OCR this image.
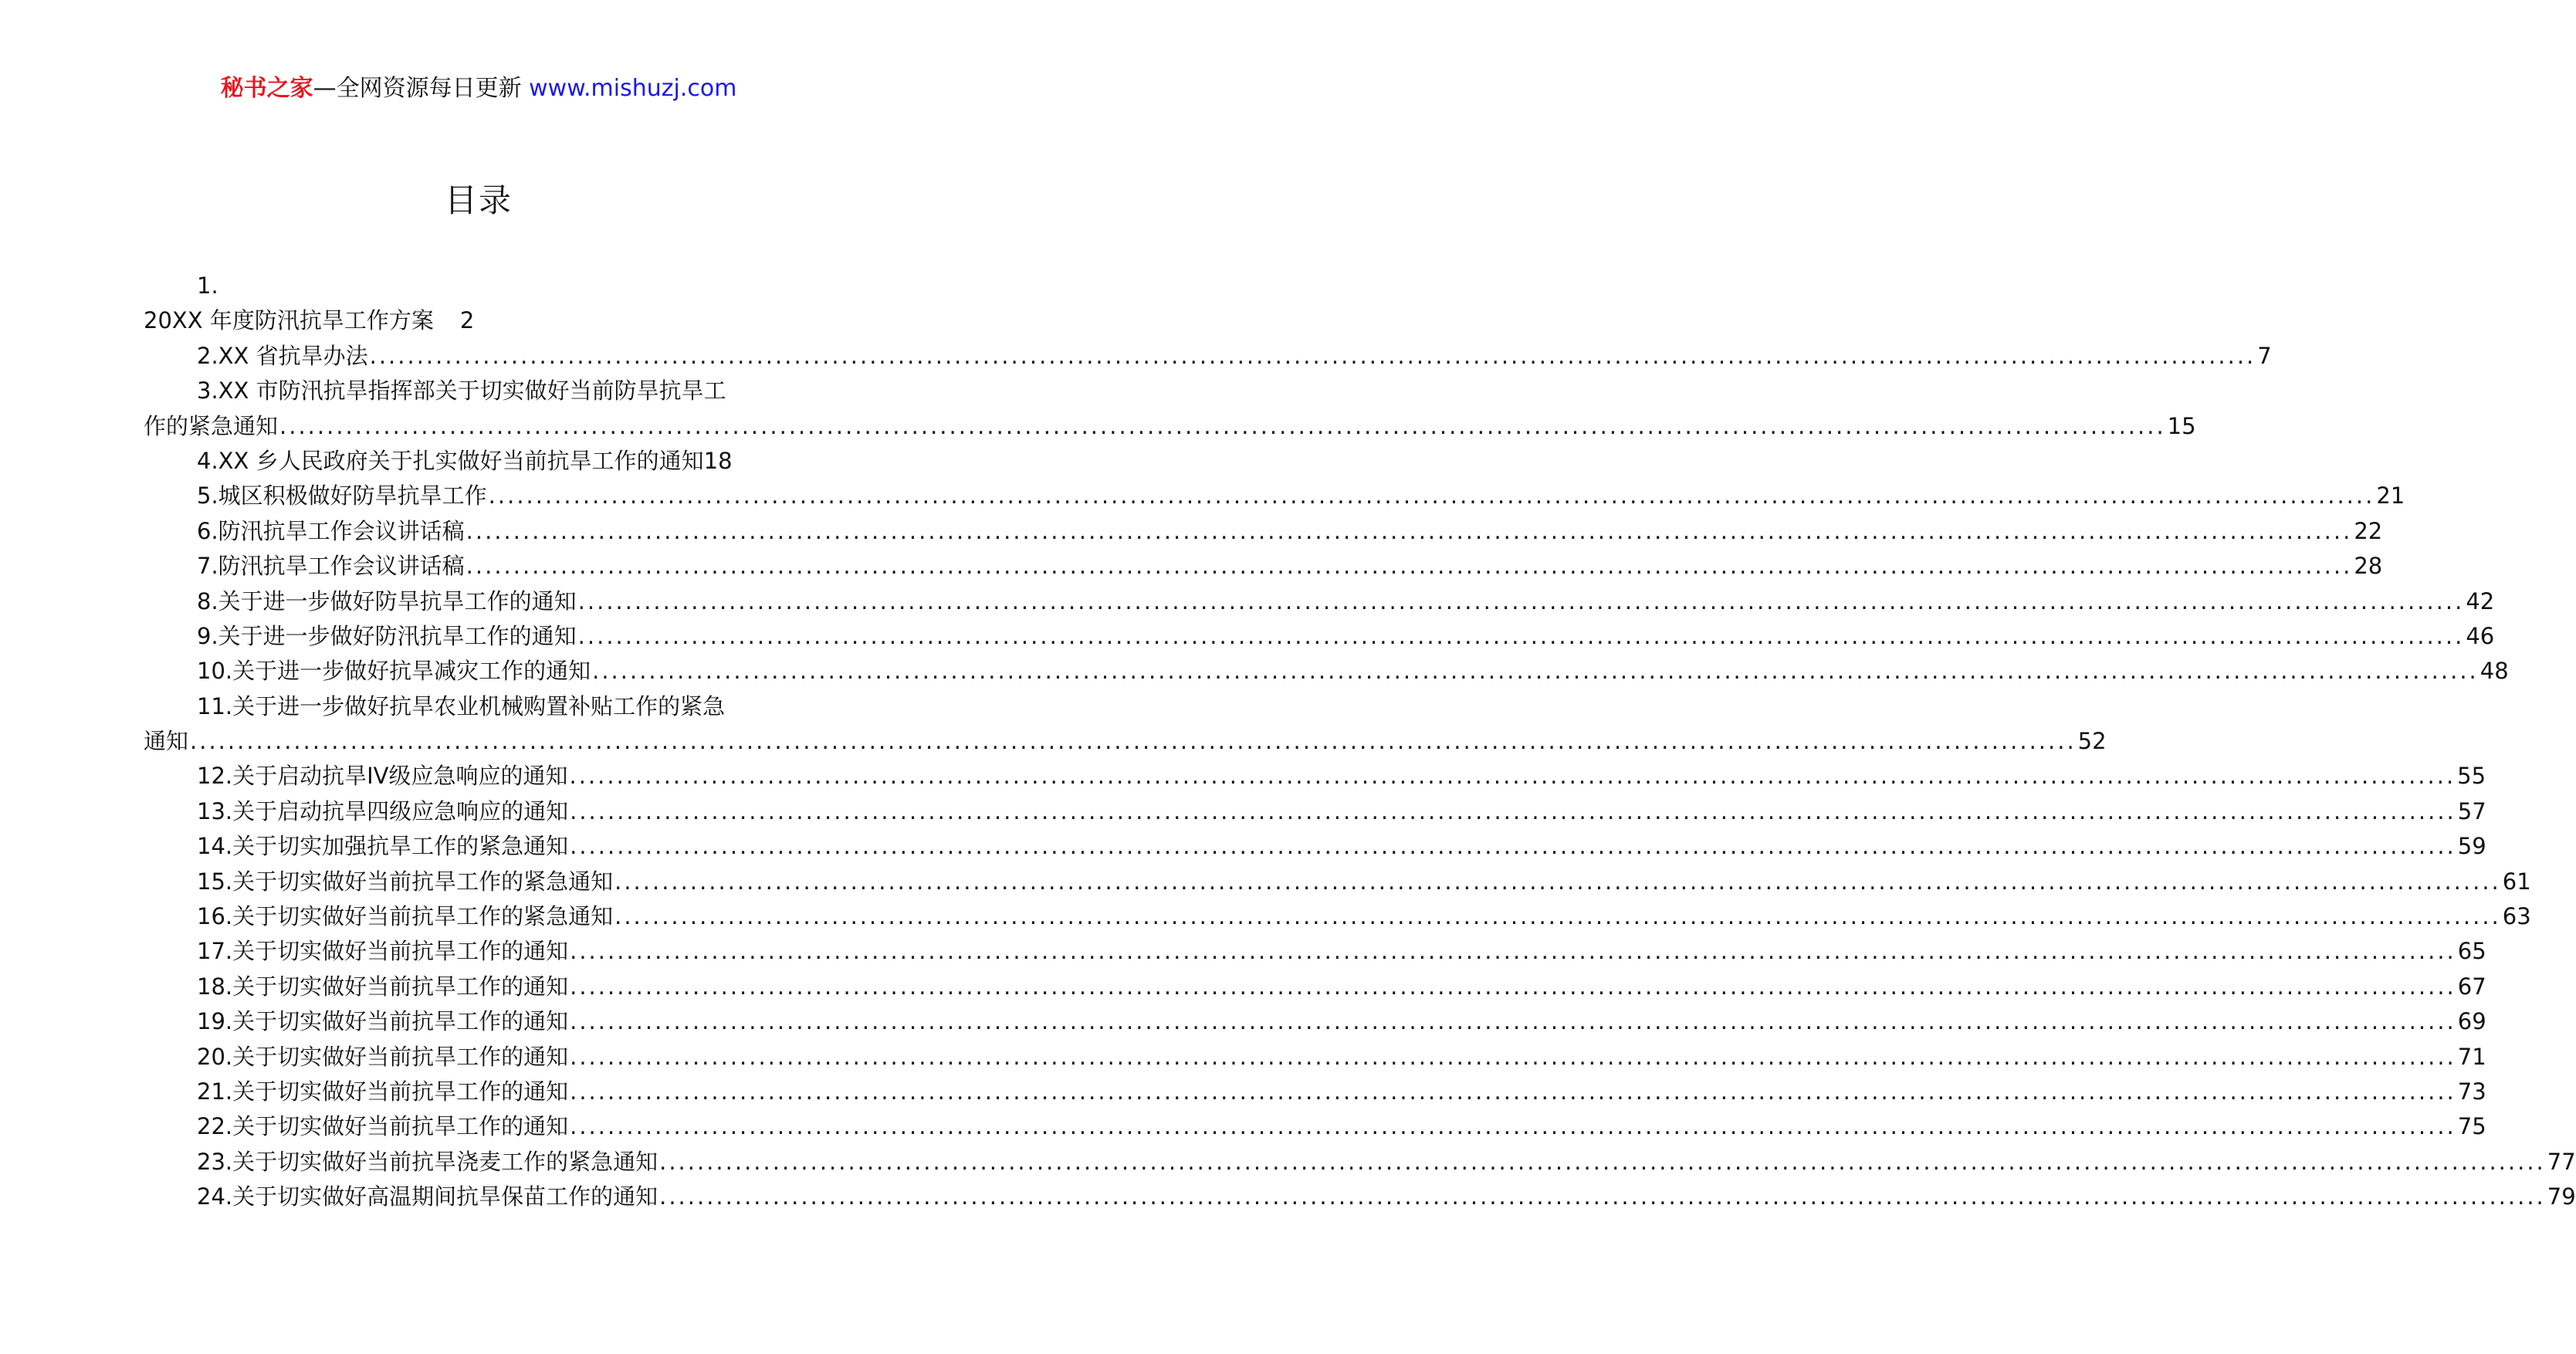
秘书之家—全网资源每日更新 www.mishuzj.com
目录
1.
20XX 年度防汛抗旱工作方案	2
2.XX 省抗旱办法 .....	7
3.XX 市防汛抗旱指挥部关于切实做好当前防旱抗旱工
作的紧急通知 .....	15
4.XX 乡人民政府关于扎实做好当前抗旱工作的通知 18
5.城区积极做好防旱抗旱工作 .....	21
6.防汛抗旱工作会议讲话稿 .....	22
7.防汛抗旱工作会议讲话稿 .....	28
8.关于进一步做好防旱抗旱工作的通知 .....	42
9.关于进一步做好防汛抗旱工作的通知 .....	46
10.关于进一步做好抗旱减灾工作的通知 .....	48
11.关于进一步做好抗旱农业机械购置补贴工作的紧急
通知 .....	52
12.关于启动抗旱IV级应急响应的通知 .....	55
13.关于启动抗旱四级应急响应的通知 .....	57
14.关于切实加强抗旱工作的紧急通知 .....	59
15.关于切实做好当前抗旱工作的紧急通知 .....	61
16.关于切实做好当前抗旱工作的紧急通知 .....	63
17.关于切实做好当前抗旱工作的通知 .....	65
18.关于切实做好当前抗旱工作的通知 .....	67
19.关于切实做好当前抗旱工作的通知 .....	69
20.关于切实做好当前抗旱工作的通知 .....	71
21.关于切实做好当前抗旱工作的通知 .....	73
22.关于切实做好当前抗旱工作的通知 .....	75
23.关于切实做好当前抗旱浇麦工作的紧急通知 .....	77
24.关于切实做好高温期间抗旱保苗工作的通知 .....	79
